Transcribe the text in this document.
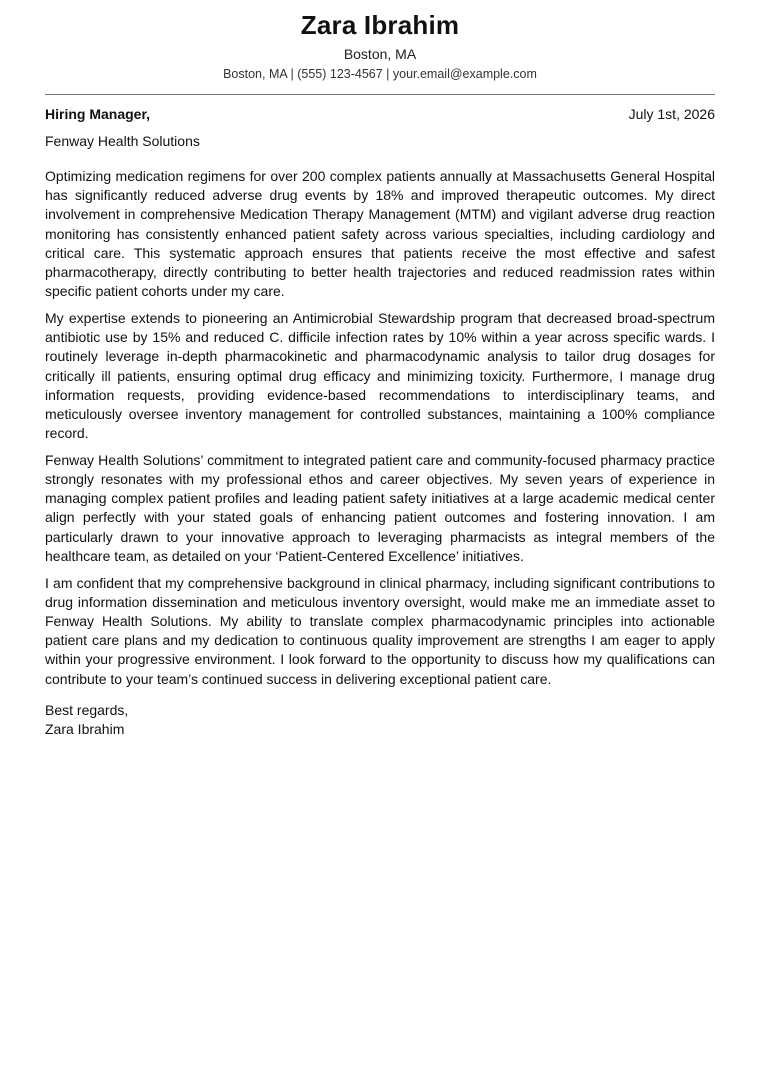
Zara Ibrahim
Boston, MA
Boston, MA | (555) 123-4567 | your.email@example.com
Hiring Manager,	July 1st, 2026
Fenway Health Solutions

Optimizing medication regimens for over 200 complex patients annually at Massachusetts General Hospital has significantly reduced adverse drug events by 18% and improved therapeutic outcomes. My direct involvement in comprehensive Medication Therapy Management (MTM) and vigilant adverse drug reaction monitoring has consistently enhanced patient safety across various specialties, including cardiology and critical care. This systematic approach ensures that patients receive the most effective and safest pharmacotherapy, directly contributing to better health trajectories and reduced readmission rates within specific patient cohorts under my care.

My expertise extends to pioneering an Antimicrobial Stewardship program that decreased broad-spectrum antibiotic use by 15% and reduced C. difficile infection rates by 10% within a year across specific wards. I routinely leverage in-depth pharmacokinetic and pharmacodynamic analysis to tailor drug dosages for critically ill patients, ensuring optimal drug efficacy and minimizing toxicity. Furthermore, I manage drug information requests, providing evidence-based recommendations to interdisciplinary teams, and meticulously oversee inventory management for controlled substances, maintaining a 100% compliance record.

Fenway Health Solutions’ commitment to integrated patient care and community-focused pharmacy practice strongly resonates with my professional ethos and career objectives. My seven years of experience in managing complex patient profiles and leading patient safety initiatives at a large academic medical center align perfectly with your stated goals of enhancing patient outcomes and fostering innovation. I am particularly drawn to your innovative approach to leveraging pharmacists as integral members of the healthcare team, as detailed on your ‘Patient-Centered Excellence’ initiatives.

I am confident that my comprehensive background in clinical pharmacy, including significant contributions to drug information dissemination and meticulous inventory oversight, would make me an immediate asset to Fenway Health Solutions. My ability to translate complex pharmacodynamic principles into actionable patient care plans and my dedication to continuous quality improvement are strengths I am eager to apply within your progressive environment. I look forward to the opportunity to discuss how my qualifications can contribute to your team’s continued success in delivering exceptional patient care.

Best regards,
Zara Ibrahim
